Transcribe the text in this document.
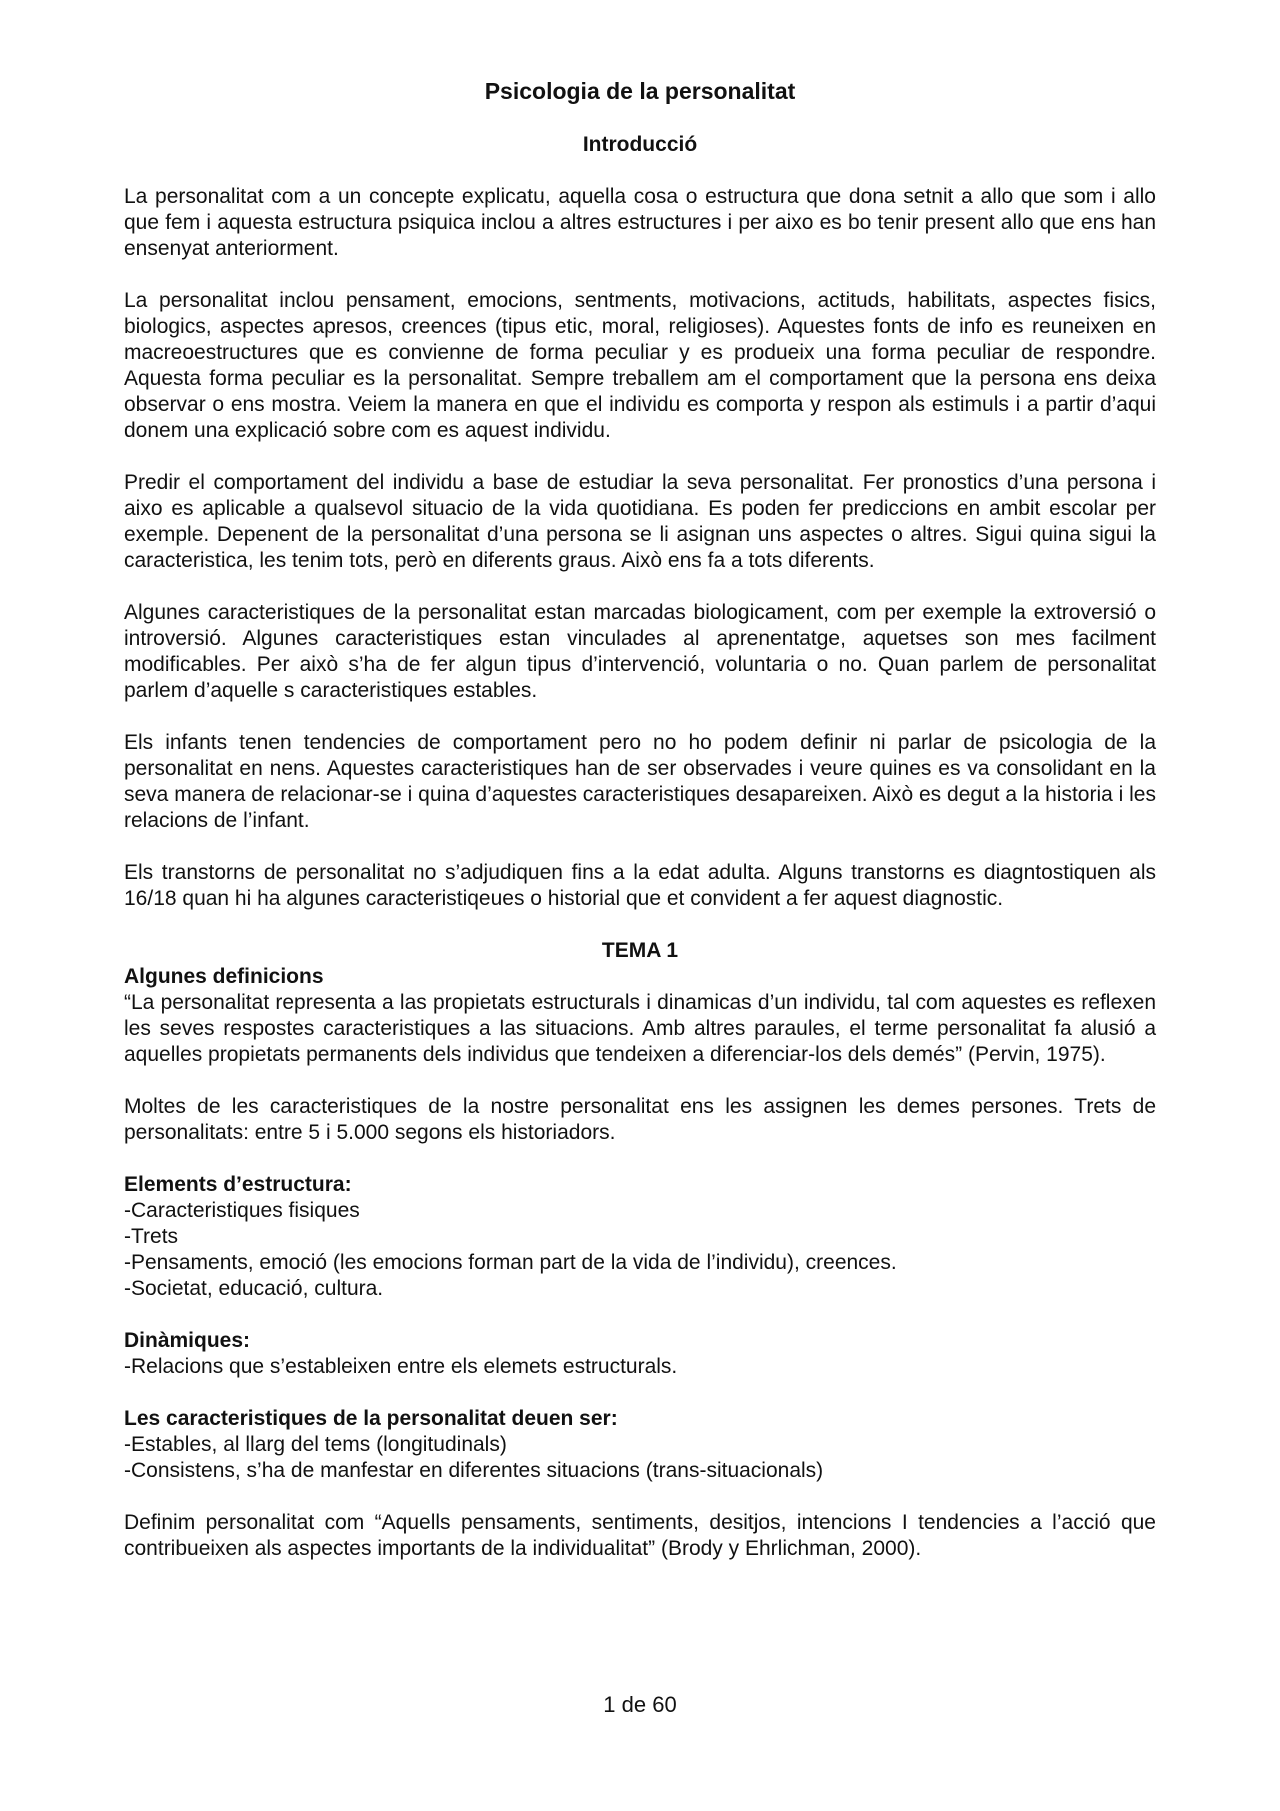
Psicologia de la personalitat
Introducció

La personalitat com a un concepte explicatu, aquella cosa o estructura que dona setnit a allo que som i allo que fem i aquesta estructura psiquica inclou a altres estructures i per aixo es bo tenir present allo que ens han ensenyat anteriorment.

La personalitat inclou pensament, emocions, sentments, motivacions, actituds, habilitats, aspectes fisics, biologics, aspectes apresos, creences (tipus etic, moral, religioses). Aquestes fonts de info es reuneixen en macreoestructures que es convienne de forma peculiar y es produeix una forma peculiar de respondre. Aquesta forma peculiar es la personalitat. Sempre treballem am el comportament que la persona ens deixa observar o ens mostra. Veiem la manera en que el individu es comporta y respon als estimuls i a partir d’aqui donem una explicació sobre com es aquest individu.

Predir el comportament del individu a base de estudiar la seva personalitat. Fer pronostics d’una persona i aixo es aplicable a qualsevol situacio de la vida quotidiana. Es poden fer prediccions en ambit escolar per exemple. Depenent de la personalitat d’una persona se li asignan uns aspectes o altres. Sigui quina sigui la caracteristica, les tenim tots, però en diferents graus. Això ens fa a tots diferents.

Algunes caracteristiques de la personalitat estan marcadas biologicament, com per exemple la extroversió o introversió. Algunes caracteristiques estan vinculades al aprenentatge, aquetses son mes facilment modificables. Per això s’ha de fer algun tipus d’intervenció, voluntaria o no. Quan parlem de personalitat parlem d’aquelle s caracteristiques estables.

Els infants tenen tendencies de comportament pero no ho podem definir ni parlar de psicologia de la personalitat en nens. Aquestes caracteristiques han de ser observades i veure quines es va consolidant en la seva manera de relacionar-se i quina d’aquestes caracteristiques desapareixen. Això es degut a la historia i les relacions de l’infant.

Els transtorns de personalitat no s’adjudiquen fins a la edat adulta. Alguns transtorns es diagntostiquen als 16/18 quan hi ha algunes caracteristiqeues o historial que et convident a fer aquest diagnostic.

TEMA 1
Algunes definicions

“La personalitat representa a las propietats estructurals i dinamicas d’un individu, tal com aquestes es reflexen les seves respostes caracteristiques a las situacions. Amb altres paraules, el terme personalitat fa alusió a aquelles propietats permanents dels individus que tendeixen a diferenciar-los dels demés” (Pervin, 1975).

Moltes de les caracteristiques de la nostre personalitat ens les assignen les demes persones. Trets de personalitats: entre 5 i 5.000 segons els historiadors.

Elements d’estructura:
-Caracteristiques fisiques
-Trets
-Pensaments, emoció (les emocions forman part de la vida de l’individu), creences.
-Societat, educació, cultura.
Dinàmiques:
-Relacions que s’estableixen entre els elemets estructurals.
Les caracteristiques de la personalitat deuen ser:
-Estables, al llarg del tems (longitudinals)
-Consistens, s’ha de manfestar en diferentes situacions (trans-situacionals)

Definim personalitat com “Aquells pensaments, sentiments, desitjos, intencions I tendencies a l’acció que contribueixen als aspectes importants de la individualitat” (Brody y Ehrlichman, 2000).

1 de 60
